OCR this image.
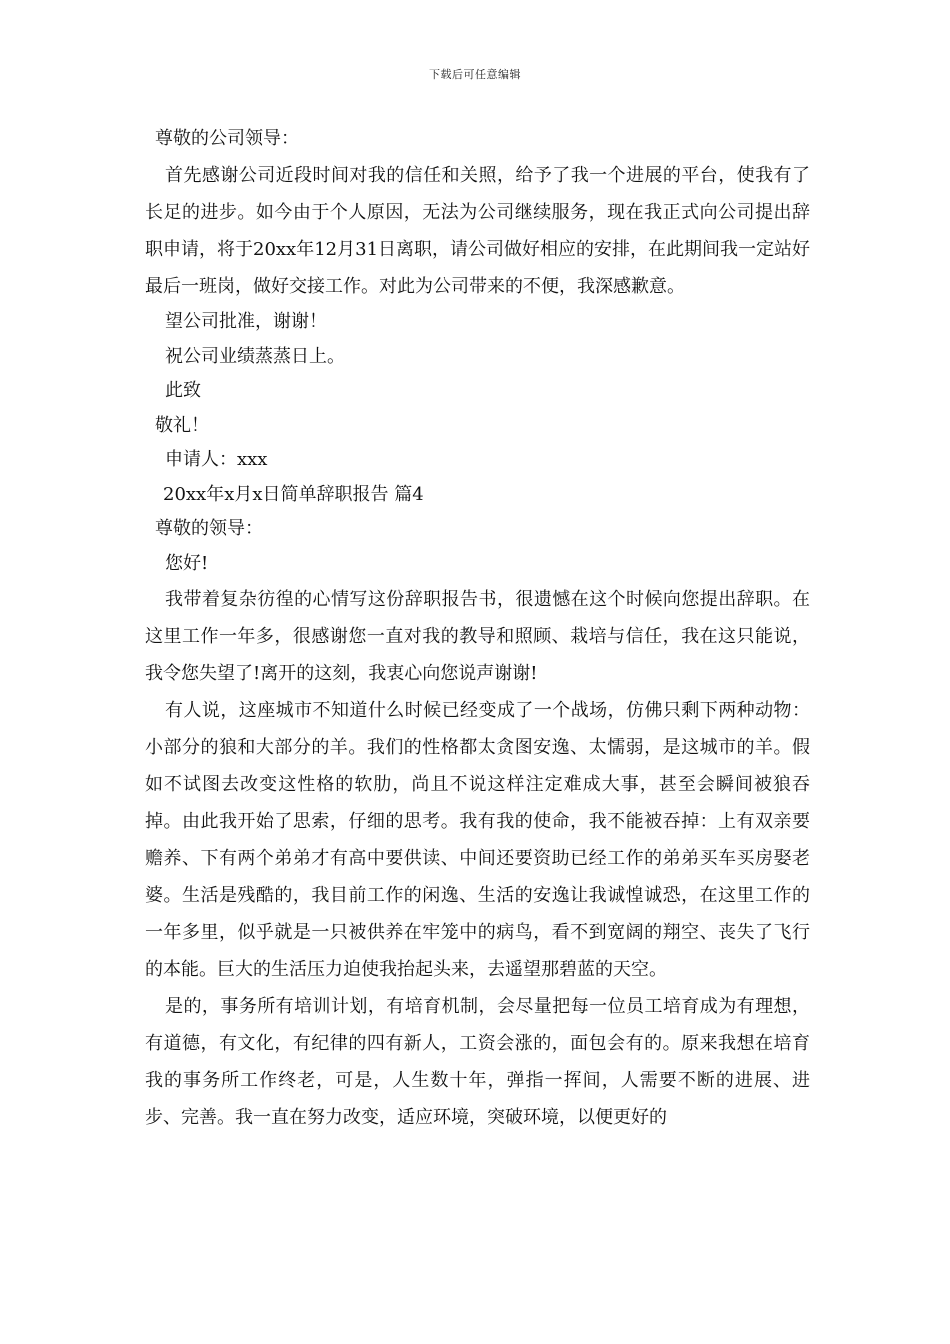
下载后可任意编辑

尊敬的公司领导：

首先感谢公司近段时间对我的信任和关照，给予了我一个进展的平台，使我有了长足的进步。如今由于个人原因，无法为公司继续服务，现在我正式向公司提出辞职申请，将于20xx年12月31日离职，请公司做好相应的安排，在此期间我一定站好最后一班岗，做好交接工作。对此为公司带来的不便，我深感歉意。

望公司批准，谢谢！

祝公司业绩蒸蒸日上。

此致

敬礼！

申请人：xxx

20xx年x月x日简单辞职报告 篇4

尊敬的领导：

您好!

我带着复杂彷徨的心情写这份辞职报告书，很遗憾在这个时候向您提出辞职。在这里工作一年多，很感谢您一直对我的教导和照顾、栽培与信任，我在这只能说，我令您失望了!离开的这刻，我衷心向您说声谢谢!

有人说，这座城市不知道什么时候已经变成了一个战场，仿佛只剩下两种动物：小部分的狼和大部分的羊。我们的性格都太贪图安逸、太懦弱，是这城市的羊。假如不试图去改变这性格的软肋，尚且不说这样注定难成大事，甚至会瞬间被狼吞掉。由此我开始了思索，仔细的思考。我有我的使命，我不能被吞掉：上有双亲要赡养、下有两个弟弟才有高中要供读、中间还要资助已经工作的弟弟买车买房娶老婆。生活是残酷的，我目前工作的闲逸、生活的安逸让我诚惶诚恐，在这里工作的一年多里，似乎就是一只被供养在牢笼中的病鸟，看不到宽阔的翔空、丧失了飞行的本能。巨大的生活压力迫使我抬起头来，去遥望那碧蓝的天空。

是的，事务所有培训计划，有培育机制，会尽量把每一位员工培育成为有理想，有道德，有文化，有纪律的四有新人，工资会涨的，面包会有的。原来我想在培育我的事务所工作终老，可是，人生数十年，弹指一挥间，人需要不断的进展、进步、完善。我一直在努力改变，适应环境，突破环境，以便更好的
